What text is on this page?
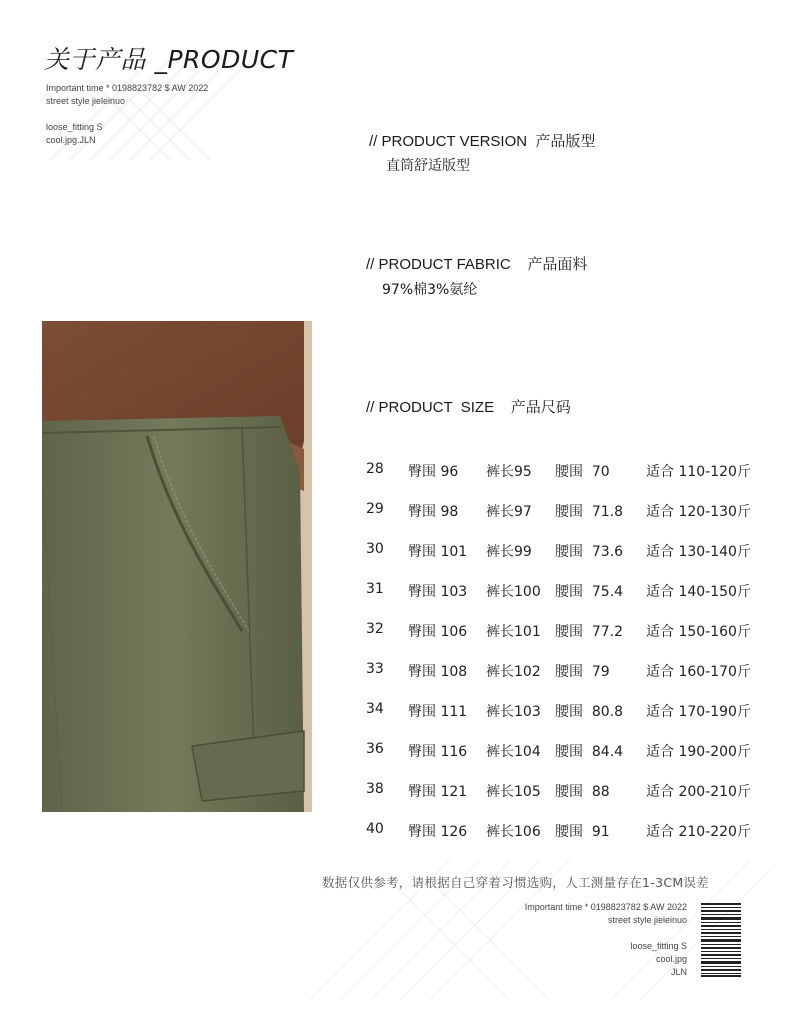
关于产品 _PRODUCT
Important time * 0198823782 $ AW 2022
street style jieleinuo
loose_fitting S
cool.jpg.JLN	// PRODUCT VERSION  产品版型
直筒舒适版型
// PRODUCT FABRIC    产品面料
97%棉3%氨纶
// PRODUCT  SIZE    产品尺码
28 臀围 96 裤长95 腰围  70	适合 110-120斤
29 臀围 98 裤长97 腰围  71.8 适合 120-130斤
30 臀围 101 裤长99 腰围  73.6 适合 130-140斤
31 臀围 103 裤长100 腰围  75.4 适合 140-150斤
32 臀围 106 裤长101 腰围  77.2 适合 150-160斤
33 臀围 108 裤长102 腰围  79	适合 160-170斤
34 臀围 111 裤长103 腰围  80.8 适合 170-190斤
36 臀围 116 裤长104 腰围  84.4 适合 190-200斤
38 臀围 121 裤长105 腰围  88	适合 200-210斤
40 臀围 126 裤长106 腰围  91	适合 210-220斤
数据仅供参考，请根据自己穿着习惯选购，人工测量存在1-3CM误差
Important time * 0198823782 $ AW 2022
street style jieleinuo
loose_fitting S
cool.jpg
JLN
